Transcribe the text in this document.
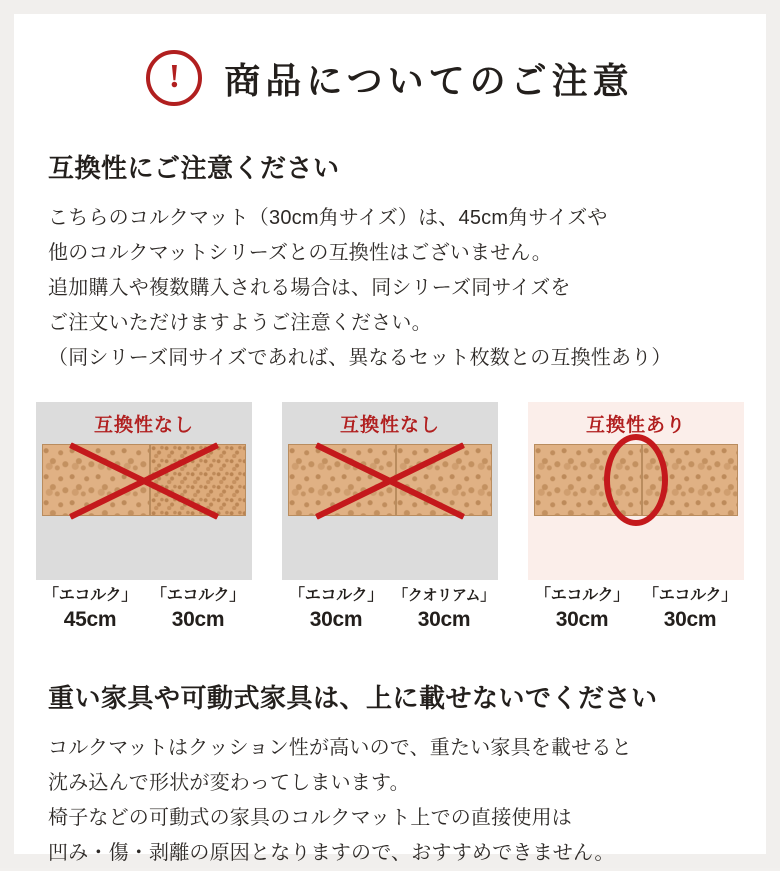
! 商品についてのご注意
互換性にご注意ください
こちらのコルクマット（30cm角サイズ）は、45cm角サイズや
他のコルクマットシリーズとの互換性はございません。
追加購入や複数購入される場合は、同シリーズ同サイズを
ご注文いただけますようご注意ください。
（同シリーズ同サイズであれば、異なるセット枚数との互換性あり）
互換性なし
「エコルク」
45cm
「エコルク」
30cm
互換性なし
「エコルク」
30cm
「クオリアム」
30cm
互換性あり
「エコルク」
30cm
「エコルク」
30cm
重い家具や可動式家具は、上に載せないでください
コルクマットはクッション性が高いので、重たい家具を載せると
沈み込んで形状が変わってしまいます。
椅子などの可動式の家具のコルクマット上での直接使用は
凹み・傷・剥離の原因となりますので、おすすめできません。
